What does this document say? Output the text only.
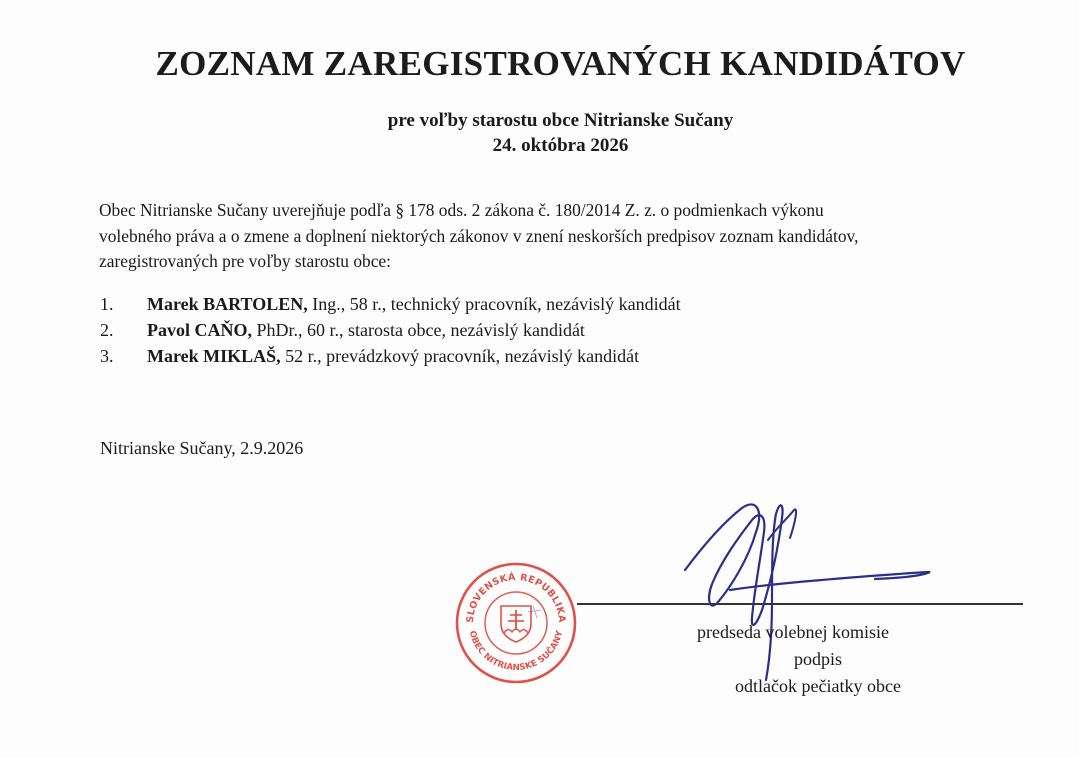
ZOZNAM ZAREGISTROVANÝCH KANDIDÁTOV
pre voľby starostu obce Nitrianske Sučany
24. októbra 2026
Obec Nitrianske Sučany uverejňuje podľa § 178 ods. 2 zákona č. 180/2014 Z. z. o podmienkach výkonu
volebného práva a o zmene a doplnení niektorých zákonov v znení neskorších predpisov zoznam kandidátov,
zaregistrovaných pre voľby starostu obce:
1. Marek BARTOLEN, Ing., 58 r., technický pracovník, nezávislý kandidát
2. Pavol CAŇO, PhDr., 60 r., starosta obce, nezávislý kandidát
3. Marek MIKLAŠ, 52 r., prevádzkový pracovník, nezávislý kandidát
Nitrianske Sučany, 2.9.2026
SLOVENSKÁ REPUBLIKA
OBEC NITRIANSKE SUČANY	predseda volebnej komisie
podpis
odtlačok pečiatky obce
